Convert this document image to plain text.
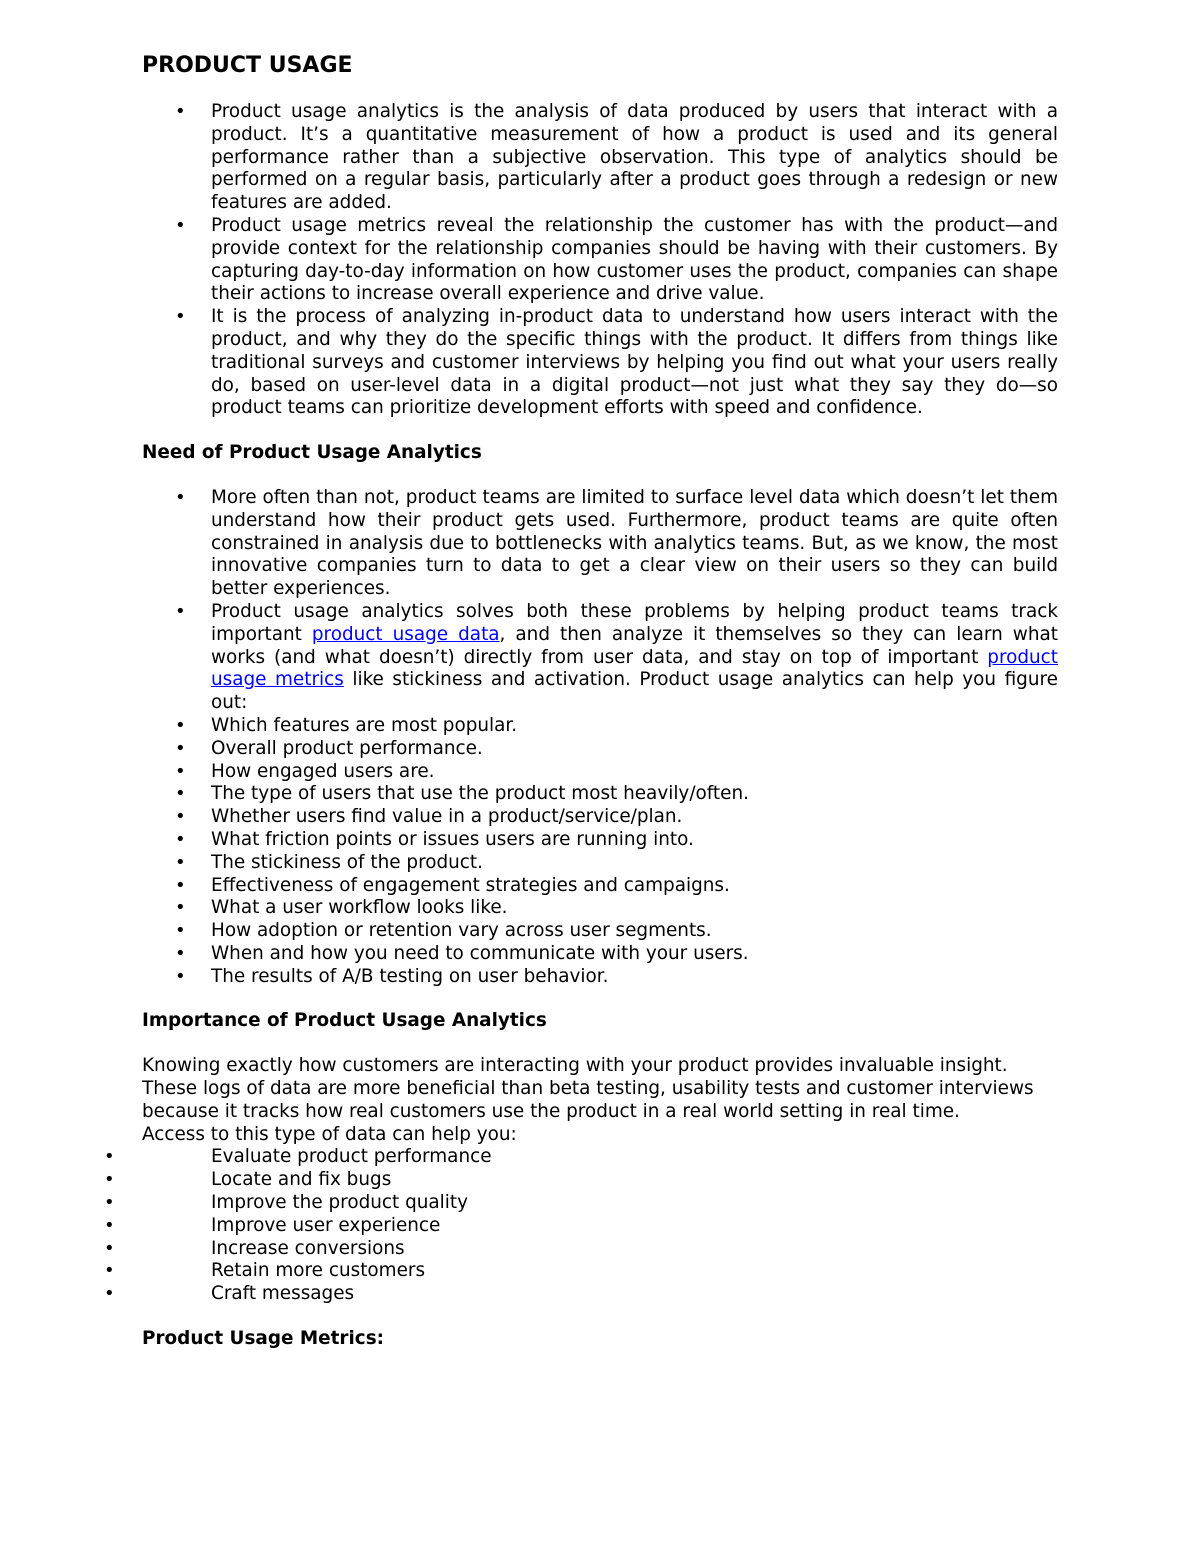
PRODUCT USAGE
• Product usage analytics is the analysis of data produced by users that interact with a product. It’s a quantitative measurement of how a product is used and its general performance rather than a subjective observation. This type of analytics should be performed on a regular basis, particularly after a product goes through a redesign or new features are added.
• Product usage metrics reveal the relationship the customer has with the product—and provide context for the relationship companies should be having with their customers. By capturing day-to-day information on how customer uses the product, companies can shape their actions to increase overall experience and drive value.
• It is the process of analyzing in-product data to understand how users interact with the product, and why they do the specific things with the product. It differs from things like traditional surveys and customer interviews by helping you find out what your users really do, based on user-level data in a digital product—not just what they say they do—so product teams can prioritize development efforts with speed and confidence.
Need of Product Usage Analytics
• More often than not, product teams are limited to surface level data which doesn’t let them understand how their product gets used. Furthermore, product teams are quite often constrained in analysis due to bottlenecks with analytics teams. But, as we know, the most innovative companies turn to data to get a clear view on their users so they can build better experiences.
• Product usage analytics solves both these problems by helping product teams track important product usage data, and then analyze it themselves so they can learn what works (and what doesn’t) directly from user data, and stay on top of important product usage metrics like stickiness and activation. Product usage analytics can help you figure out:
• Which features are most popular.
• Overall product performance.
• How engaged users are.
• The type of users that use the product most heavily/often.
• Whether users find value in a product/service/plan.
• What friction points or issues users are running into.
• The stickiness of the product.
• Effectiveness of engagement strategies and campaigns.
• What a user workflow looks like.
• How adoption or retention vary across user segments.
• When and how you need to communicate with your users.
• The results of A/B testing on user behavior.
Importance of Product Usage Analytics

Knowing exactly how customers are interacting with your product provides invaluable insight. These logs of data are more beneficial than beta testing, usability tests and customer interviews because it tracks how real customers use the product in a real world setting in real time.

Access to this type of data can help you:

•	Evaluate product performance
•	Locate and fix bugs
•	Improve the product quality
•	Improve user experience
•	Increase conversions
•	Retain more customers
•	Craft messages
Product Usage Metrics:
